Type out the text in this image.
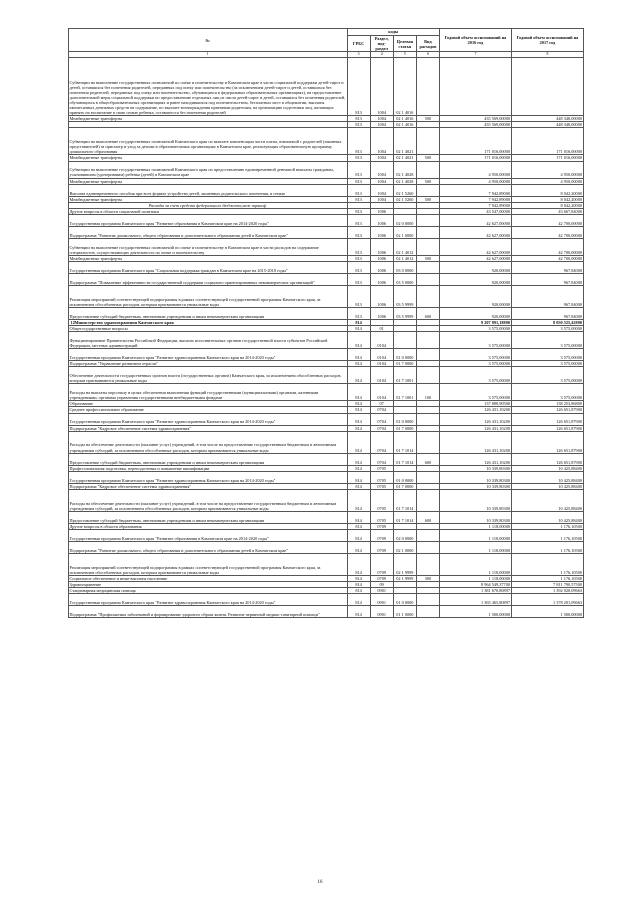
	№	коды				Годовой объем ассигнований на 2016 год	Годовой объем ассигнований на 2017 год
	ГРБС	Раздел, под-раздел	Целевая статья	Вид расходов		
	1	3	4	5	6	7	8
	Субвенции на выполнение государственных полномочий по опеке и попечительству в Камчатском крае в части социальной поддержки детей-сирот и детей, оставшихся без попечения родителей, переданных под опеку или попечительство (за исключением детей-сирот и детей, оставшихся без попечения родителей, переданных под опеку или попечительство, обучающихся в федеральных образовательных организациях), на предоставление дополнительной меры социальной поддержки по предоставлению отдельных лиц из числа детей-сирот и детей, оставшихся без попечения родителей, обучающихся в общеобразовательных организациях и ранее находившихся под попечительством, бесплатных мест в общежитии, выплаты ежемесячных денежных средств на содержание, по выплате вознаграждения приемным родителям, на организацию подготовки лиц, желающих принять на воспитание в свою семью ребенка, оставшегося без попечения родителей	813	1004	02 1 4016			
	Межбюджетные трансферты	813	1004	02 1 4016	500	435 569,00000	448 348,00000
		813	1004	02 1 4016		435 569,00000	448 348,00000
	Субвенции на выполнение государственных полномочий Камчатского края по выплате компенсации части платы, взимаемой с родителей (законных представителей) за присмотр и уход за детьми в образовательных организациях в Камчатском крае, реализующих образовательную программу дошкольного образования	813	1004	02 1 4021		171 016,00000	171 016,00000
	Межбюджетные трансферты	813	1004	02 1 4021	500	171 016,00000	171 016,00000
	Субвенции на выполнение государственных полномочий Камчатского края по предоставлению единовременной денежной выплаты гражданам, усыновившим (удочерившим) ребенка (детей) в Камчатском крае	813	1004	02 1 4028		4 950,00000	4 950,00000
	Межбюджетные трансферты	813	1004	02 1 4028	500	4 950,00000	4 950,00000
	Выплата единовременного пособия при всех формах устройства детей, лишенных родительского попечения, в семью	813	1004	02 1 5260		7 942,89000	8 042,20000
	Межбюджетные трансферты	813	1004	02 1 5260	500	7 942,89000	8 042,20000
	Расходы за счет средств федерального бюджета;меж.трансф					7 942,89000	8 042,20000
	Другие вопросы в области социальной политики	813	1006			43 547,00000	43 667,84000
	Государственная программа Камчатского края "Развитие образования в Камчатском крае на 2014-2020 годы"	813	1006	02 0 0000		42 627,00000	42 700,00000
	Подпрограмма "Развитие дошкольного, общего образования и дополнительного образования детей в Камчатском крае"	813	1006	02 1 0000		42 627,00000	42 700,00000
	Субвенции на выполнение государственных полномочий по опеке и попечительству в Камчатском крае в части расходов на содержание специалистов, осуществляющих деятельность по опеке и попечительству	813	1006	02 1 4012		42 627,00000	42 700,00000
	Межбюджетные трансферты	813	1006	02 1 4012	500	42 627,00000	42 700,00000
	Государственная программа Камчатского края "Социальная поддержка граждан в Камчатском крае на 2015-2018 годы"	813	1006	03 0 0000		920,00000	967,84000
	Подпрограмма "Повышение эффективности государственной поддержки социально ориентированных некоммерческих организаций"	813	1006	03 5 0000		920,00000	967,84000
	Реализация мероприятий соответствующей подпрограммы в рамках соответствующей государственной программы Камчатского края, за исключением обособленных расходов, которым присваиваются уникальные коды	813	1006	03 5 9999		920,00000	967,84000
	Предоставление субсидий бюджетным, автономным учреждениям и иным некоммерческим организациям	813	1006	03 5 9999	600	920,00000	967,84000

	12 Министерство здравоохранения Камчатского края	814				9 207 891,18800	8 050 525,42800
	Общегосударственные вопросы	814	01			3 575,00000	3 575,00000
	Функционирование Правительства Российской Федерации, высших исполнительных органов государственной власти субъектов Российской Федерации, местных администраций	814	0104			3 575,00000	3 575,00000
	Государственная программа Камчатского края "Развитие здравоохранения Камчатского края на 2014-2020 годы"	814	0104	01 0 0000		3 575,00000	3 575,00000
	Подпрограмма "Управление развитием отрасли"	814	0104	01 7 0000		3 575,00000	3 575,00000
	Обеспечение деятельности государственных органов власти (государственных органов) Камчатского края, за исключением обособленных расходов, которым присваиваются уникальные коды	814	0104	01 7 1001		3 575,00000	3 575,00000
	Расходы на выплаты персоналу в целях обеспечения выполнения функций государственными (муниципальными) органами, казенными учреждениями, органами управления государственными внебюджетными фондами	814	0104	01 7 1001	100	3 575,00000	3 575,00000
	Образование	814	07			137 888,90500	138 253,86800
	Среднее профессиональное образование	814	0704			126 431,10200	126 651,87900
	Государственная программа Камчатского края "Развитие здравоохранения Камчатского края на 2014-2020 годы"	814	0704	01 0 0000		126 431,10200	126 651,87900
	Подпрограмма "Кадровое обеспечение системы здравоохранения"	814	0704	01 7 0000		126 431,10200	126 651,87900
	Расходы на обеспечение деятельности (оказание услуг) учреждений, в том числе на предоставление государственным бюджетным и автономным учреждениям субсидий, за исключением обособленных расходов, которым присваиваются уникальные коды	814	0704	01 7 1014		126 431,10200	126 651,87900
	Предоставление субсидий бюджетным, автономным учреждениям и иным некоммерческим организациям	814	0704	01 7 1014	600	126 431,10200	126 651,87900
	Профессиональная подготовка, переподготовка и повышение квалификации	814	0705			10 339,80300	10 425,88400
	Государственная программа Камчатского края "Развитие здравоохранения Камчатского края на 2014-2020 годы"	814	0705	01 0 0000		10 339,80300	10 425,88400
	Подпрограмма "Кадровое обеспечение системы здравоохранения"	814	0705	01 7 0000		10 339,80300	10 425,88400
	Расходы на обеспечение деятельности (оказание услуг) учреждений, в том числе на предоставление государственным бюджетным и автономным учреждениям субсидий, за исключением обособленных расходов, которым присваиваются уникальные коды	814	0705	01 7 1014		10 339,80300	10 425,88400
	Предоставление субсидий бюджетным, автономным учреждениям и иным некоммерческим организациям	814	0705	01 7 1014	600	10 339,80300	10 425,88400
	Другие вопросы в области образования	814	0709			1 118,00000	1 176,10500
	Государственная программа Камчатского края "Развитие образования в Камчатском крае на 2014-2020 годы"	814	0709	02 0 0000		1 118,00000	1 176,10500
	Подпрограмма "Развитие дошкольного, общего образования и дополнительного образования детей в Камчатском крае"	814	0709	02 1 0000		1 118,00000	1 176,10500
	Реализация мероприятий соответствующей подпрограммы в рамках соответствующей государственной программы Камчатского края, за исключением обособленных расходов, которым присваиваются уникальные коды	814	0709	02 1 9999		1 118,00000	1 176,10500
	Социальное обеспечение и иные выплаты населению	814	0709	02 1 9999	300	1 118,00000	1 176,10500
	Здравоохранение	814	09			8 964 549,37700	7 811 790,57500
	Стационарная медицинская помощь	814	0901			1 381 670,80897	1 392 020,09663
	Государственная программа Камчатского края "Развитие здравоохранения Камчатского края на 2014-2020 годы"	814	0901	01 0 0000		1 365 465,80897	1 378 201,09663
	Подпрограмма "Профилактика заболеваний и формирование здорового образа жизни. Развитие первичной медико-санитарной помощи"	814	0901	01 1 0000		1 500,00000	1 500,00000
16
